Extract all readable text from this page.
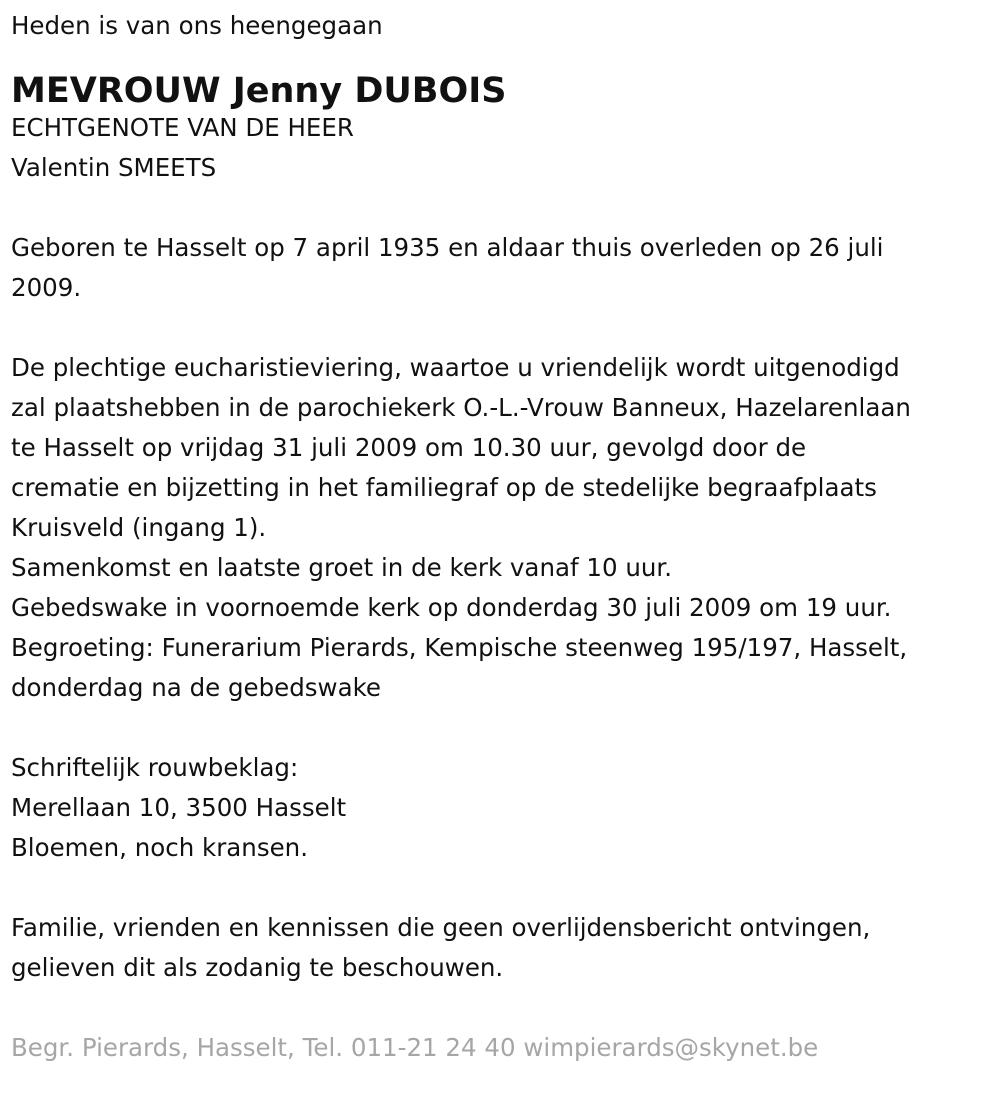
Heden is van ons heengegaan

MEVROUW Jenny DUBOIS

ECHTGENOTE VAN DE HEER

Valentin SMEETS

Geboren te Hasselt op 7 april 1935 en aldaar thuis overleden op 26 juli

2009.

De plechtige eucharistieviering, waartoe u vriendelijk wordt uitgenodigd

zal plaatshebben in de parochiekerk O.-L.-Vrouw Banneux, Hazelarenlaan

te Hasselt op vrijdag 31 juli 2009 om 10.30 uur, gevolgd door de

crematie en bijzetting in het familiegraf op de stedelijke begraafplaats

Kruisveld (ingang 1).

Samenkomst en laatste groet in de kerk vanaf 10 uur.

Gebedswake in voornoemde kerk op donderdag 30 juli 2009 om 19 uur.

Begroeting: Funerarium Pierards, Kempische steenweg 195/197, Hasselt,

donderdag na de gebedswake

Schriftelijk rouwbeklag:

Merellaan 10, 3500 Hasselt

Bloemen, noch kransen.

Familie, vrienden en kennissen die geen overlijdensbericht ontvingen,

gelieven dit als zodanig te beschouwen.

Begr. Pierards, Hasselt, Tel. 011-21 24 40 wimpierards@skynet.be
